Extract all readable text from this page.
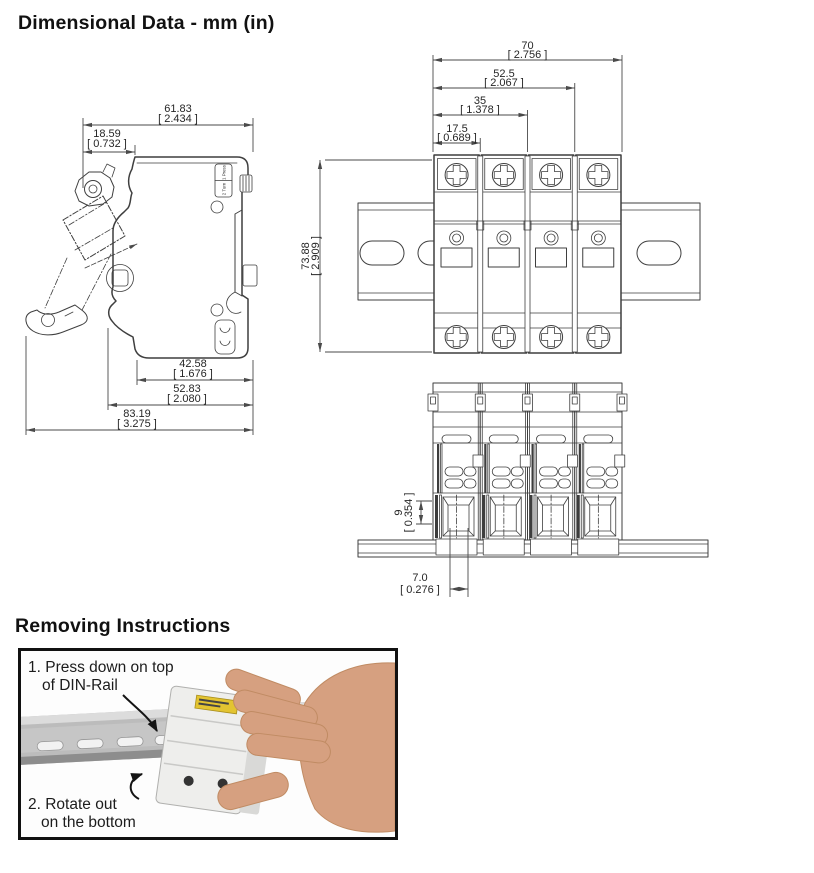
Dimensional Data - mm (in)
1 Press
2 Turn
61.83
[ 2.434 ]
18.59
[ 0.732 ]
42.58
[ 1.676 ]
52.83
[ 2.080 ]
83.19
[ 3.275 ]
70
[ 2.756 ]
52.5
[ 2.067 ]
35
[ 1.378 ]
17.5
[ 0.689 ]
73.88
[ 2.909 ]
9
[ 0.354 ]
7.0
[ 0.276 ]
Removing Instructions
1. Press down on top
of DIN-Rail
2. Rotate out
on the bottom
